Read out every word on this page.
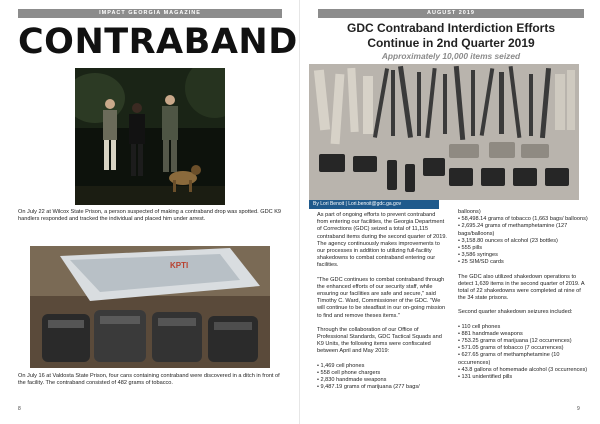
IMPACT GEORGIA MAGAZINE
CONTRABAND
On July 22 at Wilcox State Prison, a person suspected of making a contraband drop was spotted. GDC K9 handlers responded and tracked the individual and placed him under arrest.
KPTI
On July 16 at Valdosta State Prison, four cans containing contraband were discovered in a ditch in front of the facility. The contraband consisted of 482 grams of tobacco.
8
AUGUST 2019
GDC Contraband Interdiction Efforts
Continue in 2nd Quarter 2019
Approximately 10,000 items seized
9
By Lori Benoit | Lori.benoit@gdc.ga.gov

As part of ongoing efforts to prevent contraband from entering our facilities, the Georgia Department of Corrections (GDC) seized a total of 11,115 contraband items during the second quarter of 2019. The agency continuously makes improvements to our processes in addition to utilizing full-facility shakedowns to combat contraband entering our facilities.

"The GDC continues to combat contraband through the enhanced efforts of our security staff, while ensuring our facilities are safe and secure," said Timothy C. Ward, Commissioner of the GDC. "We will continue to be steadfast in our on-going mission to find and remove theses items."

Through the collaboration of our Office of Professional Standards, GDC Tactical Squads and K9 Units, the following items were confiscated between April and May 2019:

• 1,469 cell phones
• 558 cell phone chargers
• 2,830 handmade weapons
• 9,487.19 grams of marijuana (277 bags/
balloons)
• 58,498.14 grams of tobacco (1,663 bags/ balloons)
• 2,695.24 grams of methamphetamine (127 bags/balloons)
• 3,158.80 ounces of alcohol (23 bottles)
• 555 pills
• 3,586 syringes
• 25 SIM/SD cards

The GDC also utilized shakedown operations to detect 1,639 items in the second quarter of 2019. A total of 22 shakedowns were completed at nine of the 34 state prisons.

Second quarter shakedown seizures included:

• 110 cell phones
• 881 handmade weapons
• 753.25 grams of marijuana (12 occurrences)
• 571.05 grams of tobacco (7 occurrences)
• 627.65 grams of methamphetamine (10 occurrences)
• 43.8 gallons of homemade alcohol (3 occurrences)
• 131 unidentified pills
